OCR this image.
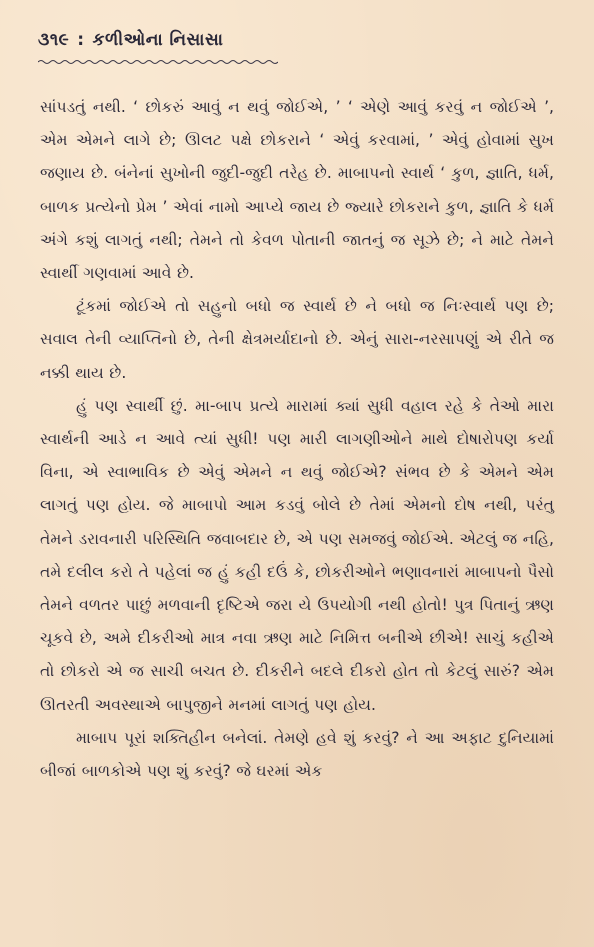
૩૧૯ : કળીઓના નિસાસા

સાંપડતું નથી. ‘ છોકરું આવું ન થવું જોઈએ, ’ ‘ એણે આવું કરવું ન જોઈએ ’, એમ એમને લાગે છે; ઊલટ પક્ષે છોકરાને ‘ એવું કરવામાં, ’ એવું હોવામાં સુખ જણાય છે. બંનેનાં સુખોની જુદી-જુદી તરેહ છે. માબાપનો સ્વાર્થ ‘ કુળ, જ્ઞાતિ, ધર્મ, બાળક પ્રત્યેનો પ્રેમ ’ એવાં નામો આપ્યે જાય છે જ્યારે છોકરાને કુળ, જ્ઞાતિ કે ધર્મ અંગે કશું લાગતું નથી; તેમને તો કેવળ પોતાની જાતનું જ સૂઝે છે; ને માટે તેમને સ્વાર્થી ગણવામાં આવે છે.

ટૂંકમાં જોઈએ તો સહુનો બધો જ સ્વાર્થ છે ને બધો જ નિઃસ્વાર્થ પણ છે; સવાલ તેની વ્યાપ્તિનો છે, તેની ક્ષેત્રમર્યાદાનો છે. એનું સારા-નરસાપણું એ રીતે જ નક્કી થાય છે.

હું પણ સ્વાર્થી છું. મા-બાપ પ્રત્યે મારામાં ક્યાં સુધી વહાલ રહે કે તેઓ મારા સ્વાર્થની આડે ન આવે ત્યાં સુધી! પણ મારી લાગણીઓને માથે દોષારોપણ કર્યા વિના, એ સ્વાભાવિક છે એવું એમને ન થવું જોઈએ? સંભવ છે કે એમને એમ લાગતું પણ હોય. જે માબાપો આમ કડવું બોલે છે તેમાં એમનો દોષ નથી, પરંતુ તેમને ડરાવનારી પરિસ્થિતિ જવાબદાર છે, એ પણ સમજવું જોઈએ. એટલું જ નહિ, તમે દલીલ કરો તે પહેલાં જ હું કહી દઉં કે, છોકરીઓને ભણાવનારાં માબાપનો પૈસો તેમને વળતર પાછું મળવાની દૃષ્ટિએ જરા યે ઉપયોગી નથી હોતો! પુત્ર પિતાનું ઋણ ચૂકવે છે, અમે દીકરીઓ માત્ર નવા ઋણ માટે નિમિત્ત બનીએ છીએ! સાચું કહીએ તો છોકરો એ જ સાચી બચત છે. દીકરીને બદલે દીકરો હોત તો કેટલું સારું? એમ ઊતરતી અવસ્થાએ બાપુજીને મનમાં લાગતું પણ હોય.

માબાપ પૂરાં શક્તિહીન બનેલાં. તેમણે હવે શું કરવું? ને આ અફાટ દુનિયામાં બીજાં બાળકોએ પણ શું કરવું? જે ઘરમાં એક
